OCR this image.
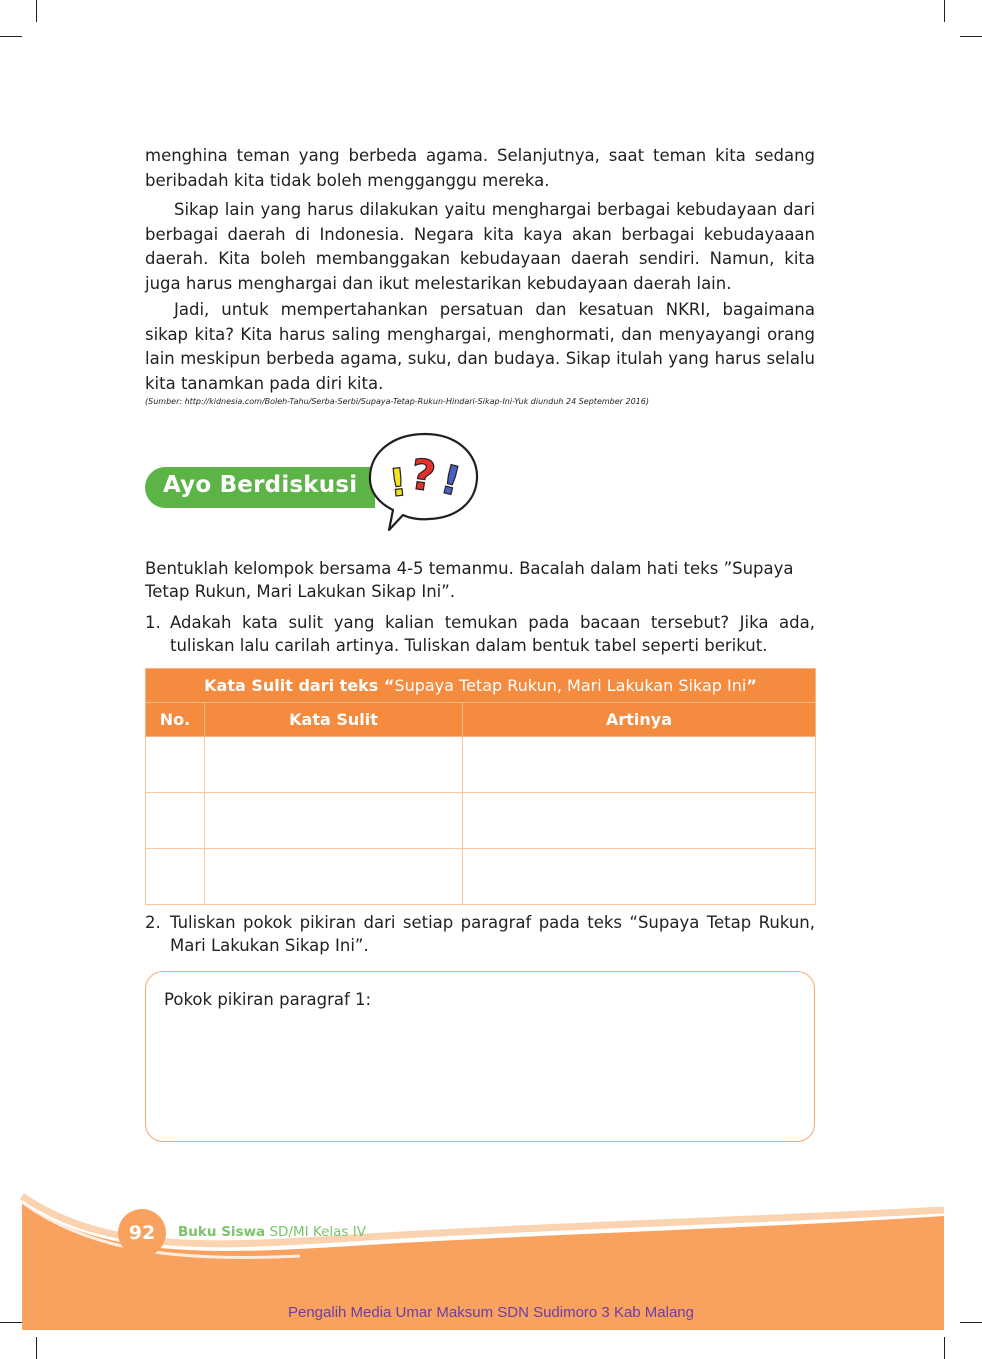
menghina teman yang berbeda agama. Selanjutnya, saat teman kita sedang beribadah kita tidak boleh mengganggu mereka.

Sikap lain yang harus dilakukan yaitu menghargai berbagai kebudayaan dari berbagai daerah di Indonesia. Negara kita kaya akan berbagai kebudayaaan daerah. Kita boleh membanggakan kebudayaan daerah sendiri. Namun, kita juga harus menghargai dan ikut melestarikan kebudayaan daerah lain.

Jadi, untuk mempertahankan persatuan dan kesatuan NKRI, bagaimana sikap kita? Kita harus saling menghargai, menghormati, dan menyayangi orang lain meskipun berbeda agama, suku, dan budaya. Sikap itulah yang harus selalu kita tanamkan pada diri kita.

(Sumber: http://kidnesia.com/Boleh-Tahu/Serba-Serbi/Supaya-Tetap-Rukun-Hindari-Sikap-Ini-Yuk diunduh 24 September 2016)
Ayo Berdiskusi !
?
!
Bentuklah kelompok bersama 4-5 temanmu. Bacalah dalam hati teks ”Supaya Tetap Rukun, Mari Lakukan Sikap Ini”.
1. Adakah kata sulit yang kalian temukan pada bacaan tersebut? Jika ada, tuliskan lalu carilah artinya. Tuliskan dalam bentuk tabel seperti berikut.
Kata Sulit dari teks “Supaya Tetap Rukun, Mari Lakukan Sikap Ini”		
No.	Kata Sulit	Artinya

2. Tuliskan pokok pikiran dari setiap paragraf pada teks “Supaya Tetap Rukun, Mari Lakukan Sikap Ini”.
Pokok pikiran paragraf 1:
92	Buku Siswa SD/MI Kelas IV
Pengalih Media Umar Maksum SDN Sudimoro 3 Kab Malang
